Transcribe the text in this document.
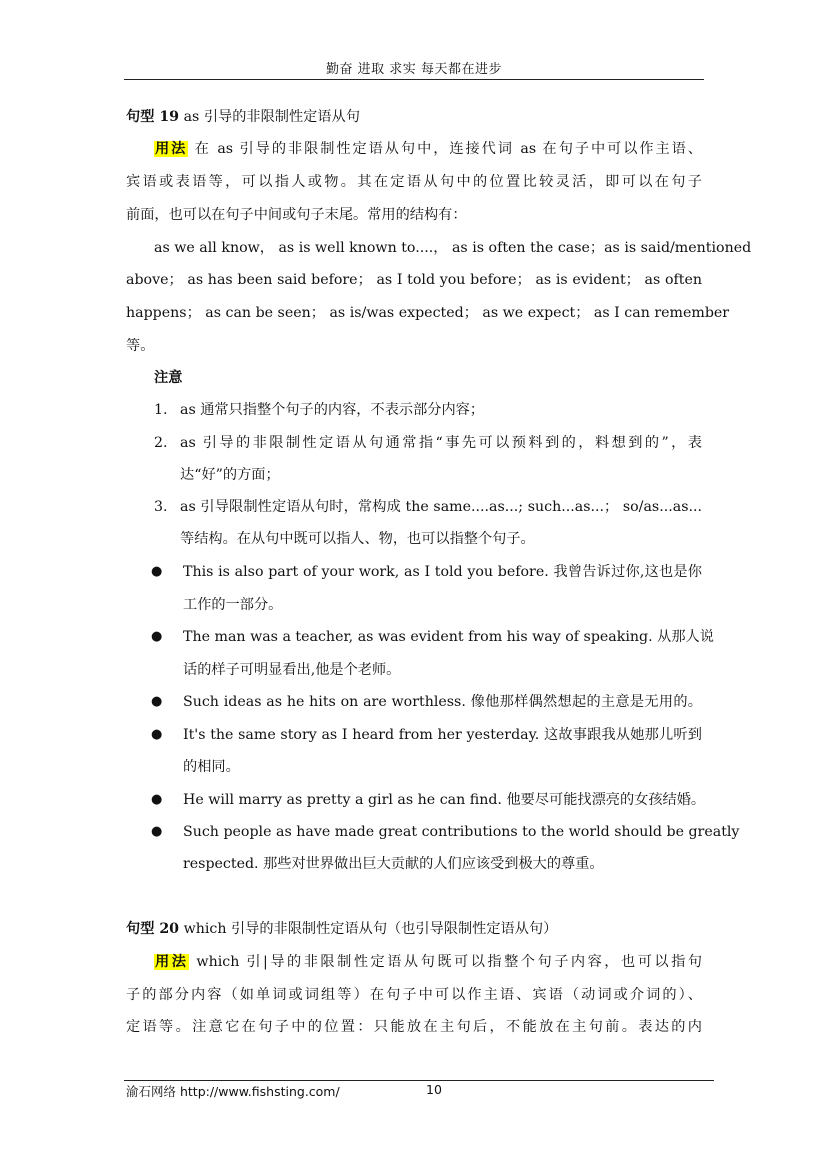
勤奋 进取 求实 每天都在进步
句型 19 as 引导的非限制性定语从句
用法 在 as 引导的非限制性定语从句中，连接代词 as 在句子中可以作主语、
宾语或表语等，可以指人或物。其在定语从句中的位置比较灵活，即可以在句子
前面，也可以在句子中间或句子末尾。常用的结构有：
as we all know， as is well known to....， as is often the case；as is said/mentioned
above； as has been said before； as I told you before； as is evident； as often
happens； as can be seen； as is/was expected； as we expect； as I can remember
等。
注意
1. as 通常只指整个句子的内容，不表示部分内容；
2. as 引导的非限制性定语从句通常指“事先可以预料到的，料想到的”，表
达“好”的方面；
3. as 引导限制性定语从句时，常构成 the same....as...; such...as...； so/as...as...
等结构。在从句中既可以指人、物，也可以指整个句子。
●
This is also part of your work, as I told you before. 我曾告诉过你,这也是你
工作的一部分。
●
The man was a teacher, as was evident from his way of speaking. 从那人说
话的样子可明显看出,他是个老师。
●
Such ideas as he hits on are worthless. 像他那样偶然想起的主意是无用的。
●
It's the same story as I heard from her yesterday. 这故事跟我从她那儿听到
的相同。
●
He will marry as pretty a girl as he can find. 他要尽可能找漂亮的女孩结婚。
●
Such people as have made great contributions to the world should be greatly
respected. 那些对世界做出巨大贡献的人们应该受到极大的尊重。
句型 20 which 引导的非限制性定语从句（也引导限制性定语从句）
用法 which 引|导的非限制性定语从句既可以指整个句子内容，也可以指句
子的部分内容（如单词或词组等）在句子中可以作主语、宾语（动词或介词的）、
定语等。注意它在句子中的位置：只能放在主句后，不能放在主句前。表达的内
渝石网络 http://www.fishsting.com/	10
